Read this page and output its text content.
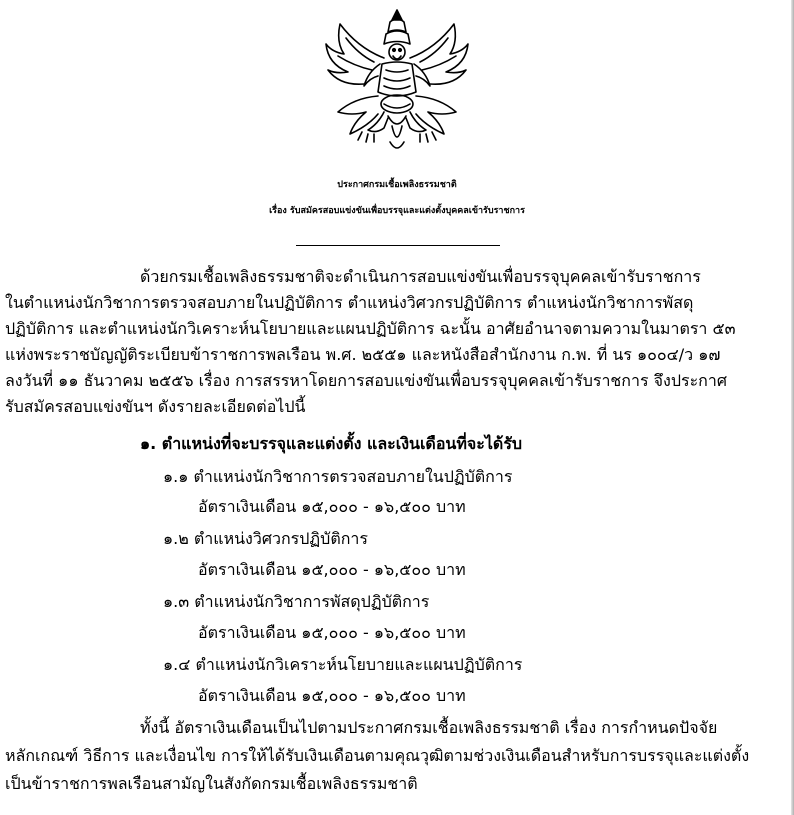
ประกาศกรมเชื้อเพลิงธรรมชาติ
เรื่อง รับสมัครสอบแข่งขันเพื่อบรรจุและแต่งตั้งบุคคลเข้ารับราชการ
ด้วยกรมเชื้อเพลิงธรรมชาติจะดำเนินการสอบแข่งขันเพื่อบรรจุบุคคลเข้ารับราชการ
ในตำแหน่งนักวิชาการตรวจสอบภายในปฏิบัติการ ตำแหน่งวิศวกรปฏิบัติการ ตำแหน่งนักวิชาการพัสดุ
ปฏิบัติการ และตำแหน่งนักวิเคราะห์นโยบายและแผนปฏิบัติการ ฉะนั้น อาศัยอำนาจตามความในมาตรา ๕๓
แห่งพระราชบัญญัติระเบียบข้าราชการพลเรือน พ.ศ. ๒๕๕๑ และหนังสือสำนักงาน ก.พ. ที่ นร ๑๐๐๔/ว ๑๗
ลงวันที่ ๑๑ ธันวาคม ๒๕๕๖ เรื่อง การสรรหาโดยการสอบแข่งขันเพื่อบรรจุบุคคลเข้ารับราชการ จึงประกาศ
รับสมัครสอบแข่งขันฯ ดังรายละเอียดต่อไปนี้
๑. ตำแหน่งที่จะบรรจุและแต่งตั้ง และเงินเดือนที่จะได้รับ
๑.๑ ตำแหน่งนักวิชาการตรวจสอบภายในปฏิบัติการ
อัตราเงินเดือน ๑๕,๐๐๐ - ๑๖,๕๐๐ บาท
๑.๒ ตำแหน่งวิศวกรปฏิบัติการ
อัตราเงินเดือน ๑๕,๐๐๐ - ๑๖,๕๐๐ บาท
๑.๓ ตำแหน่งนักวิชาการพัสดุปฏิบัติการ
อัตราเงินเดือน ๑๕,๐๐๐ - ๑๖,๕๐๐ บาท
๑.๔ ตำแหน่งนักวิเคราะห์นโยบายและแผนปฏิบัติการ
อัตราเงินเดือน ๑๕,๐๐๐ - ๑๖,๕๐๐ บาท
ทั้งนี้ อัตราเงินเดือนเป็นไปตามประกาศกรมเชื้อเพลิงธรรมชาติ เรื่อง การกำหนดปัจจัย
หลักเกณฑ์ วิธีการ และเงื่อนไข การให้ได้รับเงินเดือนตามคุณวุฒิตามช่วงเงินเดือนสำหรับการบรรจุและแต่งตั้ง
เป็นข้าราชการพลเรือนสามัญในสังกัดกรมเชื้อเพลิงธรรมชาติ
